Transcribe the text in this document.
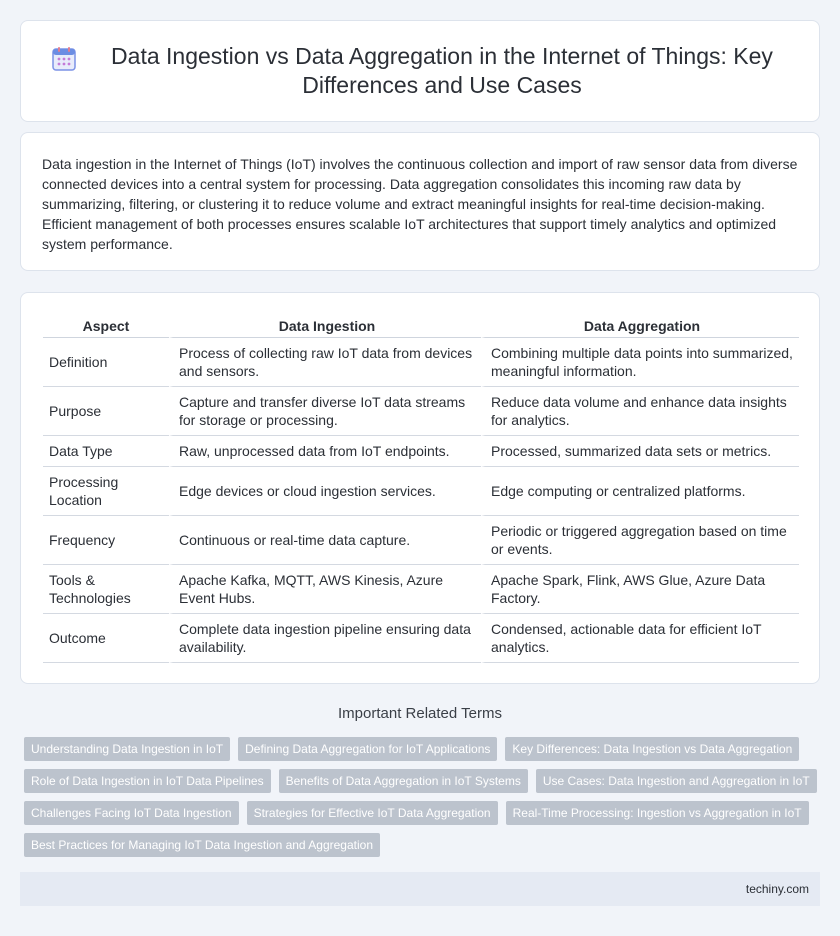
Data Ingestion vs Data Aggregation in the Internet of Things: Key Differences and Use Cases

Data ingestion in the Internet of Things (IoT) involves the continuous collection and import of raw sensor data from diverse connected devices into a central system for processing. Data aggregation consolidates this incoming raw data by summarizing, filtering, or clustering it to reduce volume and extract meaningful insights for real-time decision-making. Efficient management of both processes ensures scalable IoT architectures that support timely analytics and optimized system performance.

Aspect	Data Ingestion	Data Aggregation
Definition	Process of collecting raw IoT data from devices and sensors.	Combining multiple data points into summarized, meaningful information.
Purpose	Capture and transfer diverse IoT data streams for storage or processing.	Reduce data volume and enhance data insights for analytics.
Data Type	Raw, unprocessed data from IoT endpoints.	Processed, summarized data sets or metrics.
Processing Location	Edge devices or cloud ingestion services.	Edge computing or centralized platforms.
Frequency	Continuous or real-time data capture.	Periodic or triggered aggregation based on time or events.
Tools & Technologies	Apache Kafka, MQTT, AWS Kinesis, Azure Event Hubs.	Apache Spark, Flink, AWS Glue, Azure Data Factory.
Outcome	Complete data ingestion pipeline ensuring data availability.	Condensed, actionable data for efficient IoT analytics.
Important Related Terms
Understanding Data Ingestion in IoT	Defining Data Aggregation for IoT Applications	Key Differences: Data Ingestion vs Data Aggregation
Role of Data Ingestion in IoT Data Pipelines	Benefits of Data Aggregation in IoT Systems	Use Cases: Data Ingestion and Aggregation in IoT
Challenges Facing IoT Data Ingestion	Strategies for Effective IoT Data Aggregation	Real-Time Processing: Ingestion vs Aggregation in IoT
Best Practices for Managing IoT Data Ingestion and Aggregation
techiny.com
